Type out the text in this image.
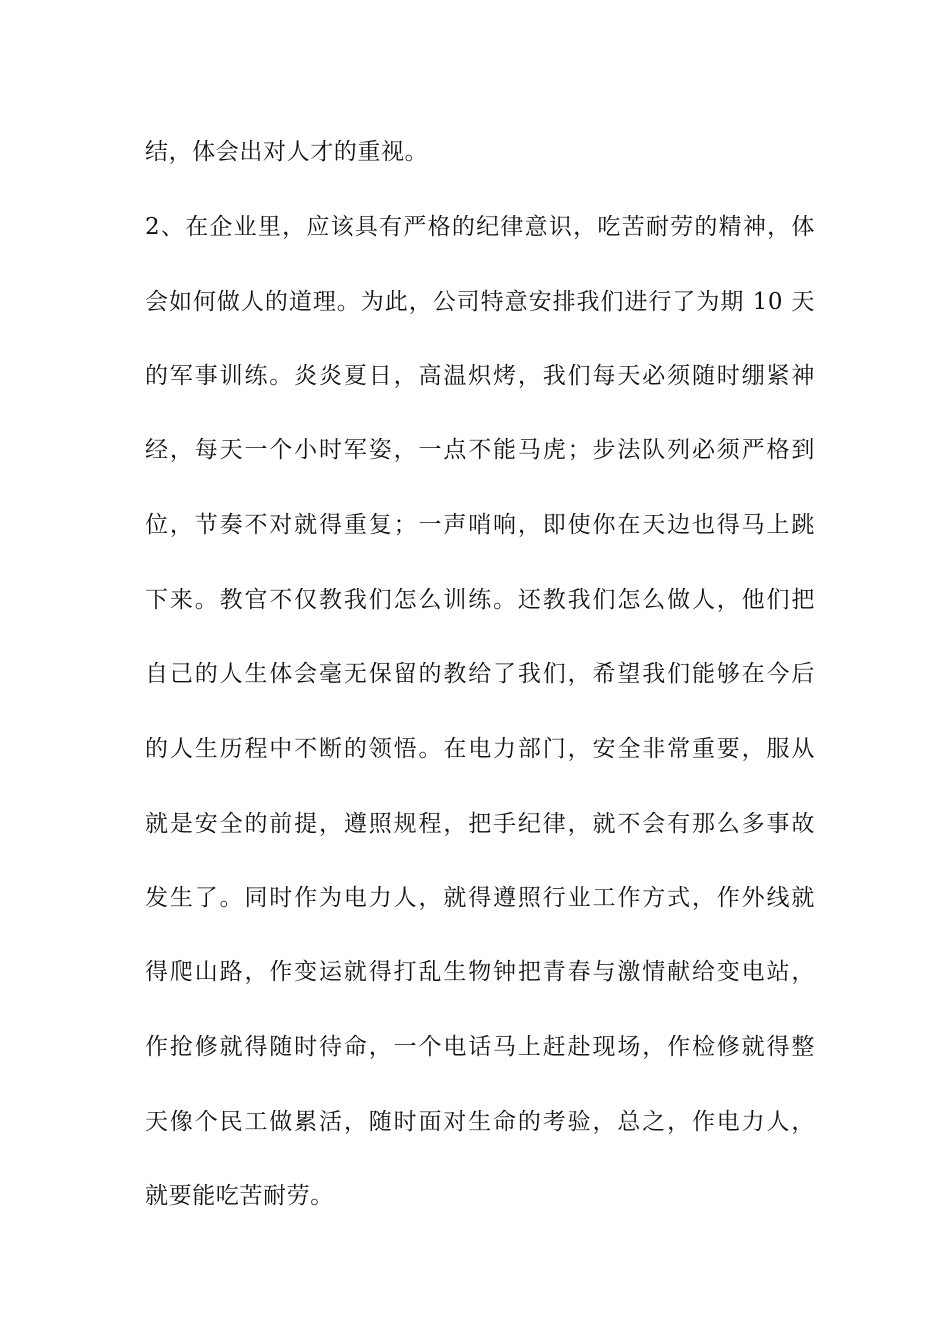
结，体会出对人才的重视。
2、在企业里，应该具有严格的纪律意识，吃苦耐劳的精神，体
会如何做人的道理。为此，公司特意安排我们进行了为期 10 天
的军事训练。炎炎夏日，高温炽烤，我们每天必须随时绷紧神
经，每天一个小时军姿，一点不能马虎；步法队列必须严格到
位，节奏不对就得重复；一声哨响，即使你在天边也得马上跳
下来。教官不仅教我们怎么训练。还教我们怎么做人，他们把
自己的人生体会毫无保留的教给了我们，希望我们能够在今后
的人生历程中不断的领悟。在电力部门，安全非常重要，服从
就是安全的前提，遵照规程，把手纪律，就不会有那么多事故
发生了。同时作为电力人，就得遵照行业工作方式，作外线就
得爬山路，作变运就得打乱生物钟把青春与激情献给变电站，
作抢修就得随时待命，一个电话马上赶赴现场，作检修就得整
天像个民工做累活，随时面对生命的考验，总之，作电力人，
就要能吃苦耐劳。
